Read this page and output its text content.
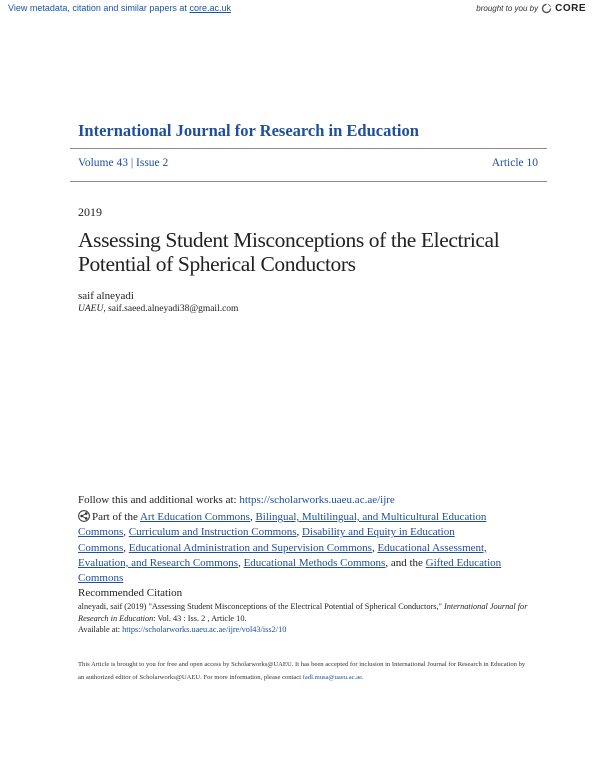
View metadata, citation and similar papers at core.ac.uk	brought to you by CORE
International Journal for Research in Education
Volume 43 | Issue 2	Article 10
2019
Assessing Student Misconceptions of the Electrical Potential of Spherical Conductors
saif alneyadi
UAEU, saif.saeed.alneyadi38@gmail.com
Follow this and additional works at: https://scholarworks.uaeu.ac.ae/ijre
Part of the Art Education Commons, Bilingual, Multilingual, and Multicultural Education Commons, Curriculum and Instruction Commons, Disability and Equity in Education Commons, Educational Administration and Supervision Commons, Educational Assessment, Evaluation, and Research Commons, Educational Methods Commons, and the Gifted Education Commons
Recommended Citation
alneyadi, saif (2019) "Assessing Student Misconceptions of the Electrical Potential of Spherical Conductors," International Journal for Research in Education: Vol. 43 : Iss. 2 , Article 10.
Available at: https://scholarworks.uaeu.ac.ae/ijre/vol43/iss2/10
This Article is brought to you for free and open access by Scholarworks@UAEU. It has been accepted for inclusion in International Journal for Research in Education by an authorized editor of Scholarworks@UAEU. For more information, please contact fadl.musa@uaeu.ac.ae.
